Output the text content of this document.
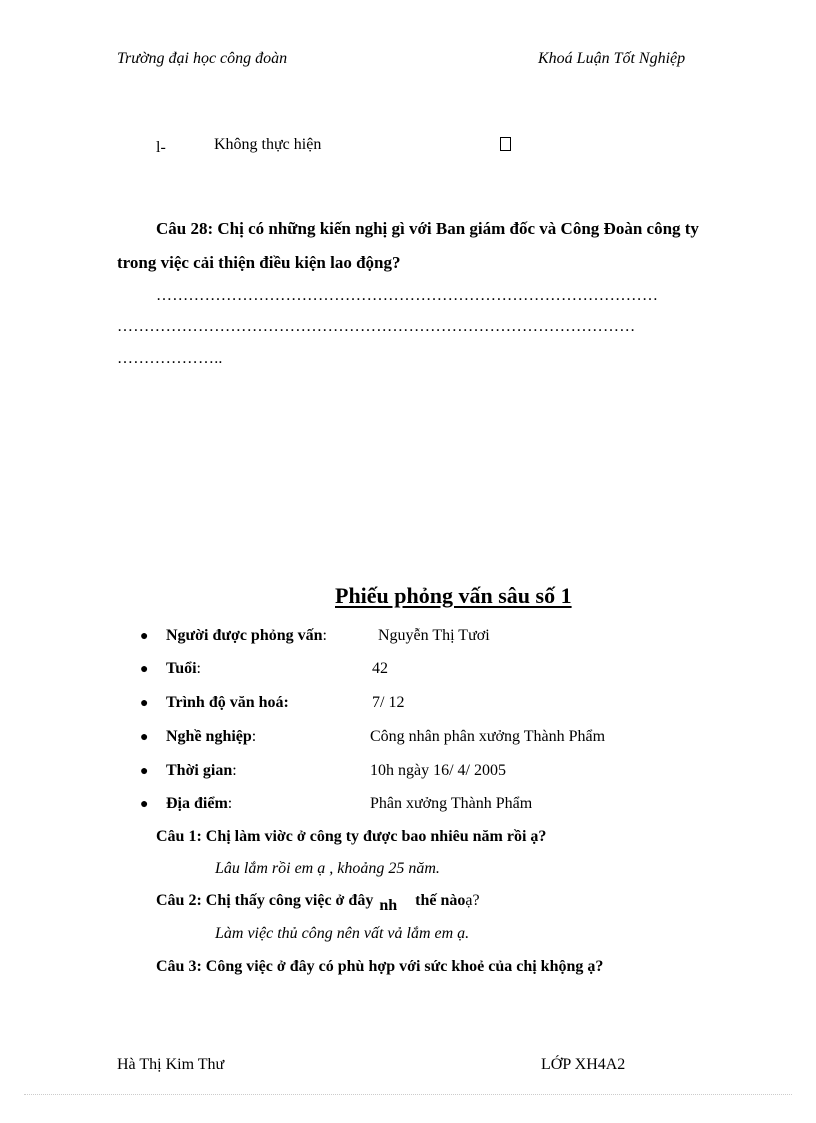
Trường đại học công đoàn	Khoá Luận Tốt Nghiệp
l-	Không thực hiện
Câu 28: Chị có những kiến nghị gì với Ban giám đốc và Công Đoàn công ty
trong việc cải thiện điều kiện lao động?
…………………………………………………………………………………
……………………………………………………………………………………
………………..
Phiếu phỏng vấn sâu số 1
● Người được phỏng vấn:	Nguyễn Thị Tươi
● Tuổi:	42
● Trình độ văn hoá:	7/ 12
● Nghề nghiệp:	Công nhân phân xưởng Thành Phẩm
● Thời gian:	10h ngày 16/ 4/ 2005
● Địa điểm:	Phân xưởng Thành Phẩm
Câu 1: Chị làm viờc ở công ty được bao nhiêu năm rồi ạ?
Lâu lắm rồi em ạ , khoảng 25 năm.
Câu 2: Chị thấy công việc ở đây nh thế nàoạ?
Làm việc thủ công nên vất vả lắm em ạ.
Câu 3: Công việc ở đây có phù hợp với sức khoẻ của chị khộng ạ?
Hà Thị Kim Thư	LỚP XH4A2
